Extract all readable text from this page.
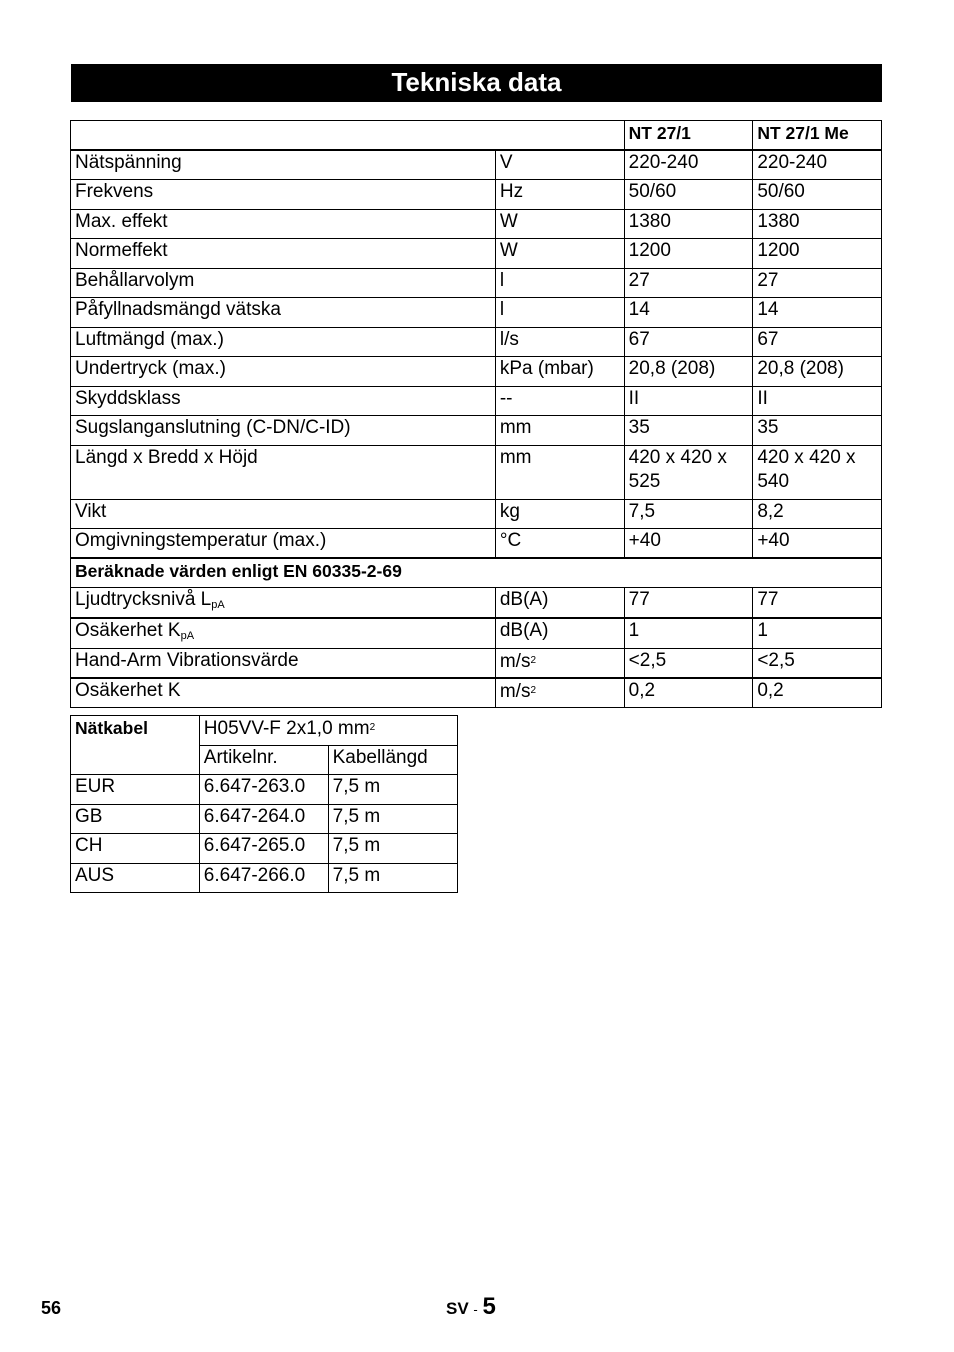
Tekniska data
		NT 27/1	NT 27/1 Me
Nätspänning	V	220-240	220-240
Frekvens	Hz	50/60	50/60
Max. effekt	W	1380	1380
Normeffekt	W	1200	1200
Behållarvolym	l	27	27
Påfyllnadsmängd vätska	l	14	14
Luftmängd (max.)	l/s	67	67
Undertryck (max.)	kPa (mbar)	20,8 (208)	20,8 (208)
Skyddsklass	--	II	II
Sugslanganslutning (C-DN/C-ID)	mm	35	35
Längd x Bredd x Höjd	mm	420 x 420 x 525	420 x 420 x 540
Vikt	kg	7,5	8,2
Omgivningstemperatur (max.)	°C	+40	+40
Beräknade värden enligt EN 60335-2-69			
Ljudtrycksnivå $L_{pA}$	dB(A)	77	77
Osäkerhet $K_{pA}$	dB(A)	1	1
Hand-Arm Vibrationsvärde	$m/s^2$	<2,5	<2,5
Osäkerhet K	$m/s^2$	0,2	0,2
Nätkabel	H05VV-F 2x1,0 $mm^2$
	Artikelnr.	Kabellängd
EUR	6.647-263.0	7,5 m
GB	6.647-264.0	7,5 m
CH	6.647-265.0	7,5 m
AUS	6.647-266.0	7,5 m
56	SV - 5
